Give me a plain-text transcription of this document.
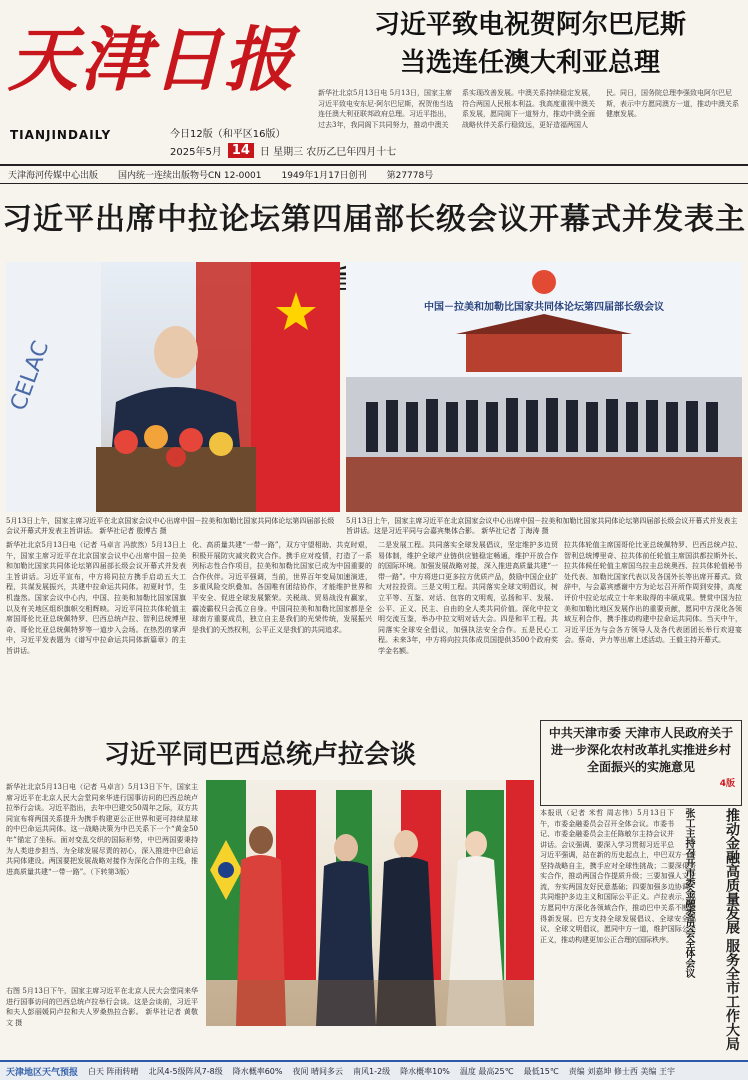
天津日报
TIANJINDAILY	今日12版（和平区16版）
2025年5月 14	日 星期三 农历乙巳年四月十七
习近平致电祝贺阿尔巴尼斯
当选连任澳大利亚总理
新华社北京5月13日电 5月13日，国家主席习近平致电安东尼·阿尔巴尼斯，祝贺他当选连任澳大利亚联邦政府总理。习近平指出，过去3年，我同阁下共同努力，推动中澳关系实现改善发展。中澳关系持续稳定发展，符合两国人民根本利益。我高度重视中澳关系发展，愿同阁下一道努力，推动中澳全面战略伙伴关系行稳致远，更好造福两国人民。同日，国务院总理李强致电阿尔巴尼斯，表示中方愿同澳方一道，推动中澳关系健康发展。
天津海河传媒中心出版 国内统一连续出版物号CN 12-0001 1949年1月17日创刊 第27778号
习近平出席中拉论坛第四届部长级会议开幕式并发表主旨
CELAC
中国－拉美和加勒比国家共同体论坛第四届部长级会议
5月13日上午，国家主席习近平在北京国家会议中心出席中国－拉美和加勒比国家共同体论坛第四届部长级会议开幕式并发表主旨讲话。 新华社记者 殷博古 摄
5月13日上午，国家主席习近平在北京国家会议中心出席中国－拉美和加勒比国家共同体论坛第四届部长级会议开幕式并发表主旨讲话。这是习近平同与会嘉宾集体合影。 新华社记者 丁海涛 摄
新华社北京5月13日电（记者 马卓言 冯歆然）5月13日上午，国家主席习近平在北京国家会议中心出席中国－拉美和加勒比国家共同体论坛第四届部长级会议开幕式并发表主旨讲话。习近平宣布，中方将同拉方携手启动五大工程，共谋发展振兴，共建中拉命运共同体。初夏时节，生机盎然。国家会议中心内，中国、拉美和加勒比国家国旗以及有关地区组织旗帜交相辉映。习近平同拉共体轮值主席国哥伦比亚总统佩特罗、巴西总统卢拉、智利总统博里奇、哥伦比亚总统佩特罗等一道步入会场。在热烈的掌声中，习近平发表题为《谱写中拉命运共同体新篇章》的主旨讲话。
化、高质量共建“一带一路”，双方守望相助、共克时艰，积极开展防灾减灾救灾合作。携手应对疫情，打造了一系列标志性合作项目，拉美和加勒比国家已成为中国重要的合作伙伴。习近平强调，当前，世界百年变局加速演进，多重风险交织叠加。各国唯有团结协作，才能维护世界和平安全、促进全球发展繁荣。关税战、贸易战没有赢家，霸凌霸权只会孤立自身。中国同拉美和加勒比国家都是全球南方重要成员，独立自主是我们的光荣传统，发展振兴是我们的天然权利，公平正义是我们的共同追求。
二是发展工程。共同落实全球发展倡议，坚定维护多边贸易体制，维护全球产业链供应链稳定畅通，维护开放合作的国际环境。加强发展战略对接，深入推进高质量共建“一带一路”。中方将进口更多拉方优质产品，鼓励中国企业扩大对拉投资。三是文明工程。共同落实全球文明倡议，树立平等、互鉴、对话、包容的文明观，弘扬和平、发展、公平、正义、民主、自由的全人类共同价值。深化中拉文明交流互鉴，举办中拉文明对话大会。四是和平工程。共同落实全球安全倡议，加强执法安全合作。五是民心工程。未来3年，中方将向拉共体成员国提供3500个政府奖学金名额。
拉共体轮值主席国哥伦比亚总统佩特罗、巴西总统卢拉、智利总统博里奇、拉共体前任轮值主席国洪都拉斯外长、拉共体候任轮值主席国乌拉圭总统奥西、拉共体轮值秘书处代表、加勒比国家代表以及各国外长等出席开幕式。致辞中，与会嘉宾感谢中方为论坛召开所作周到安排，高度评价中拉论坛成立十年来取得的丰硕成果。赞赏中国为拉美和加勒比地区发展作出的重要贡献，愿同中方深化各领域互利合作，携手推动构建中拉命运共同体。当天中午，习近平还为与会各方领导人及各代表团团长举行欢迎宴会。蔡奇、尹力等出席上述活动。王毅主持开幕式。
习近平同巴西总统卢拉会谈
新华社北京5月13日电（记者 马卓言）5月13日下午，国家主席习近平在北京人民大会堂同来华进行国事访问的巴西总统卢拉举行会谈。习近平指出，去年中巴建交50周年之际，双方共同宣布将两国关系提升为携手构建更公正世界和更可持续星球的中巴命运共同体。这一战略决策为中巴关系下一个“黄金50年”锚定了坐标。面对变乱交织的国际形势，中巴两国要秉持为人类进步担当、为全球发展尽责的初心，深入推进中巴命运共同体建设。两国要把发展战略对接作为深化合作的主线，推进高质量共建“一带一路”。（下转第3版）
右图 5月13日下午，国家主席习近平在北京人民大会堂同来华进行国事访问的巴西总统卢拉举行会谈。这是会谈前，习近平和夫人彭丽媛同卢拉和夫人罗桑热拉合影。 新华社记者 黄敬文 摄
习近平强调，站在新的历史起点上，中巴双方一要坚持战略自主，携手应对全球性挑战；二要深化务实合作，推动两国合作提质升级；三要加强人文交流，夯实两国友好民意基础；四要加强多边协调，共同维护多边主义和国际公平正义。卢拉表示，巴方愿同中方深化各领域合作，推动巴中关系不断取得新发展。巴方支持全球发展倡议、全球安全倡议、全球文明倡议，愿同中方一道，维护国际公平正义，推动构建更加公正合理的国际秩序。
中共天津市委 天津市人民政府关于进一步深化农村改革扎实推进乡村全面振兴的实施意见
4版
推动金融高质量发展 服务全市工作大局
张工主持召开市委金融委员会全体会议
本报讯（记者 米哲 周志伟）5月13日下午，市委金融委员会召开全体会议。市委书记、市委金融委员会主任陈敏尔主持会议并讲话。会议强调，要深入学习贯彻习近平总
天津地区天气预报 白天 阵雨转晴 北风4-5级阵风7-8级 降水概率60% 夜间 晴间多云 南风1-2级 降水概率10% 温度 最高25℃ 最低15℃ 责编 刘嘉坤 修士西 美编 王宇
